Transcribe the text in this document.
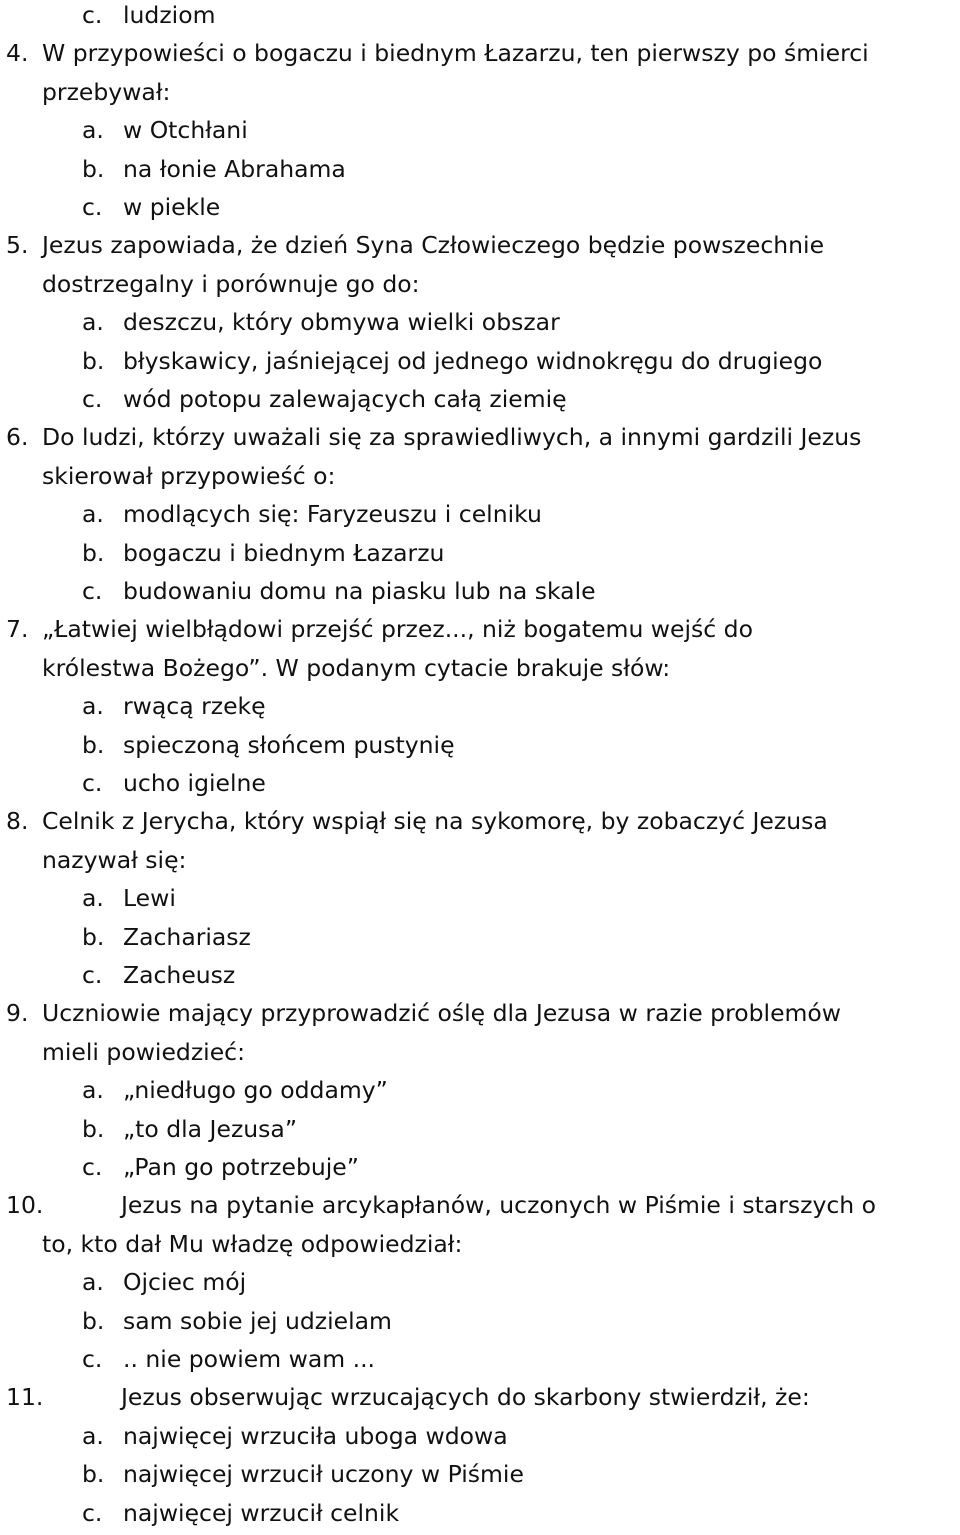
c. ludziom
4. W przypowieści o bogaczu i biednym Łazarzu, ten pierwszy po śmierci
przebywał:
a. w Otchłani
b. na łonie Abrahama
c. w piekle
5. Jezus zapowiada, że dzień Syna Człowieczego będzie powszechnie
dostrzegalny i porównuje go do:
a. deszczu, który obmywa wielki obszar
b. błyskawicy, jaśniejącej od jednego widnokręgu do drugiego
c. wód potopu zalewających całą ziemię
6. Do ludzi, którzy uważali się za sprawiedliwych, a innymi gardzili Jezus
skierował przypowieść o:
a. modlących się: Faryzeuszu i celniku
b. bogaczu i biednym Łazarzu
c. budowaniu domu na piasku lub na skale
7. „Łatwiej wielbłądowi przejść przez..., niż bogatemu wejść do
królestwa Bożego”. W podanym cytacie brakuje słów:
a. rwącą rzekę
b. spieczoną słońcem pustynię
c. ucho igielne
8. Celnik z Jerycha, który wspiął się na sykomorę, by zobaczyć Jezusa
nazywał się:
a. Lewi
b. Zachariasz
c. Zacheusz
9. Uczniowie mający przyprowadzić oślę dla Jezusa w razie problemów
mieli powiedzieć:
a. „niedługo go oddamy”
b. „to dla Jezusa”
c. „Pan go potrzebuje”
10.	Jezus na pytanie arcykapłanów, uczonych w Piśmie i starszych o
to, kto dał Mu władzę odpowiedział:
a. Ojciec mój
b. sam sobie jej udzielam
c. .. nie powiem wam ...
11.	Jezus obserwując wrzucających do skarbony stwierdził, że:
a. najwięcej wrzuciła uboga wdowa
b. najwięcej wrzucił uczony w Piśmie
c. najwięcej wrzucił celnik
